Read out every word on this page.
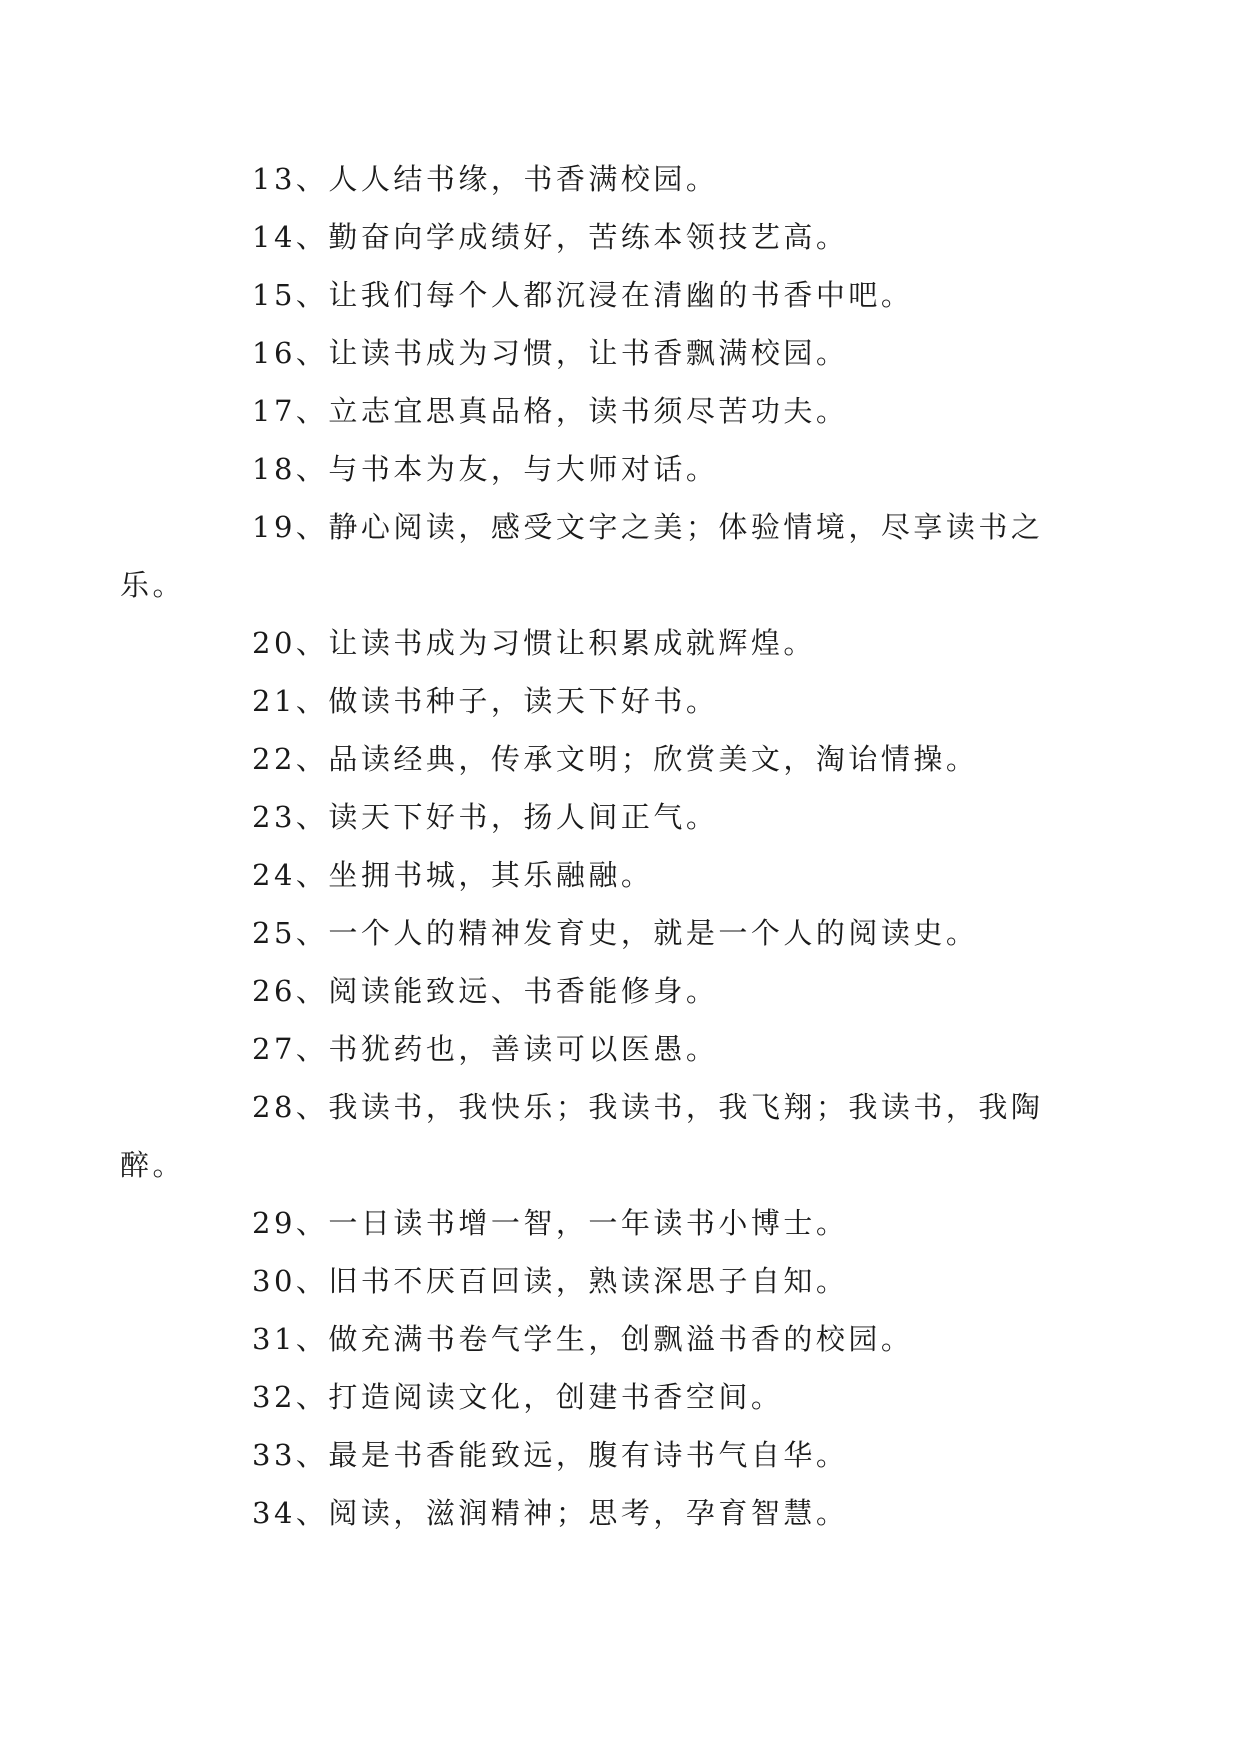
13、人人结书缘，书香满校园。

14、勤奋向学成绩好，苦练本领技艺高。

15、让我们每个人都沉浸在清幽的书香中吧。

16、让读书成为习惯，让书香飘满校园。

17、立志宜思真品格，读书须尽苦功夫。

18、与书本为友，与大师对话。

19、静心阅读，感受文字之美；体验情境，尽享读书之
乐。

20、让读书成为习惯让积累成就辉煌。

21、做读书种子，读天下好书。

22、品读经典，传承文明；欣赏美文，淘诒情操。

23、读天下好书，扬人间正气。

24、坐拥书城，其乐融融。

25、一个人的精神发育史，就是一个人的阅读史。

26、阅读能致远、书香能修身。

27、书犹药也，善读可以医愚。

28、我读书，我快乐；我读书，我飞翔；我读书，我陶
醉。

29、一日读书增一智，一年读书小博士。

30、旧书不厌百回读，熟读深思子自知。

31、做充满书卷气学生，创飘溢书香的校园。

32、打造阅读文化，创建书香空间。

33、最是书香能致远，腹有诗书气自华。

34、阅读，滋润精神；思考，孕育智慧。
